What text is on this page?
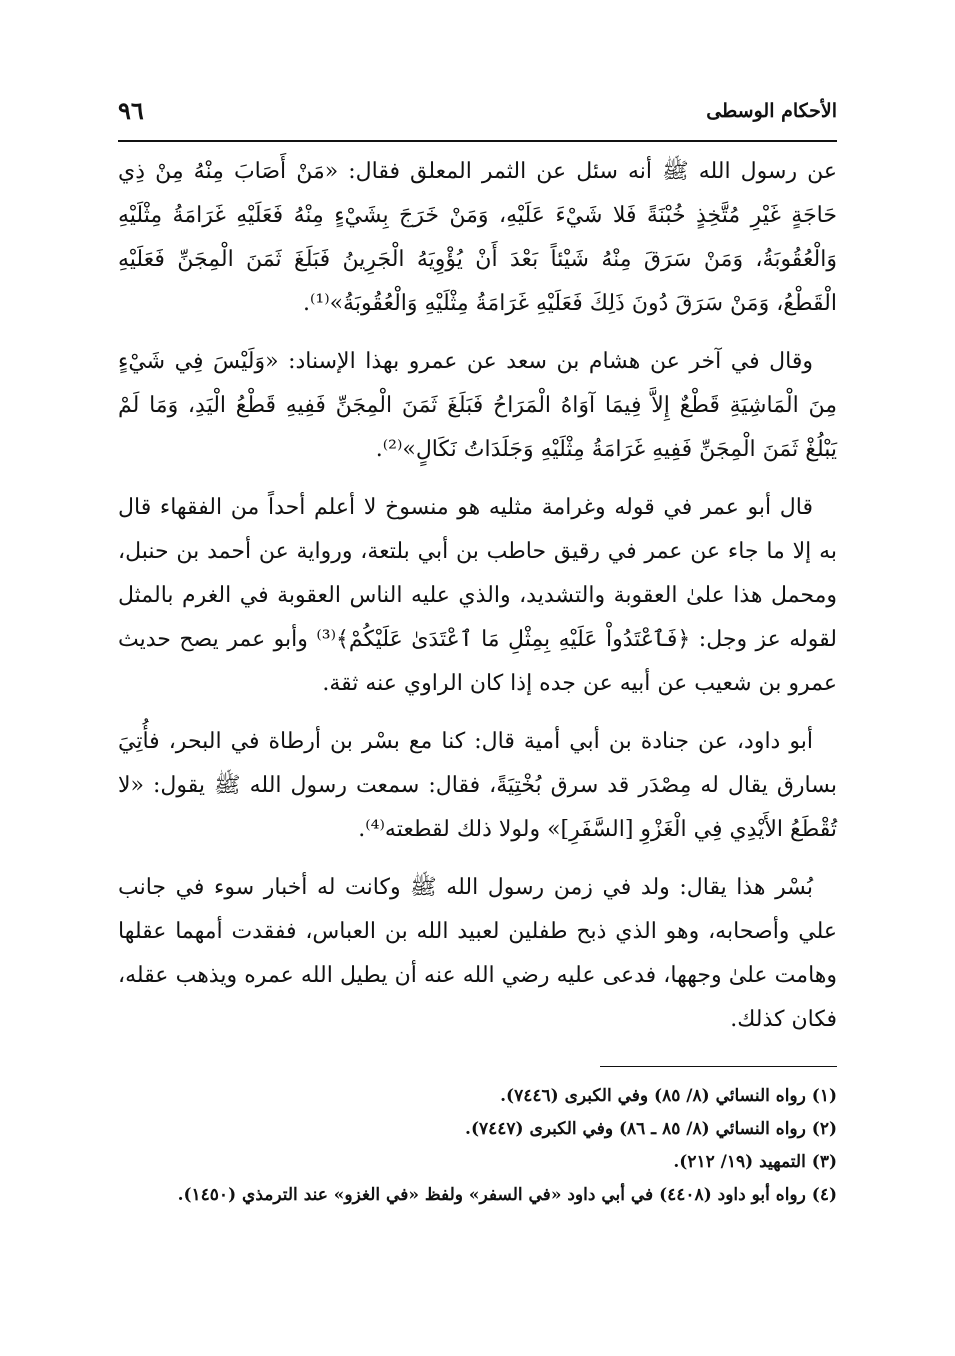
٩٦	الأحكام الوسطى

عن رسول الله ﷺ أنه سئل عن الثمر المعلق فقال: «مَنْ أَصَابَ مِنْهُ مِنْ ذِي حَاجَةٍ غَيْرِ مُتَّخِذٍ خُبْنَةً فَلا شَيْءَ عَلَيْهِ، وَمَنْ خَرَجَ بِشَيْءٍ مِنْهُ فَعَلَيْهِ غَرَامَةُ مِثْلَيْهِ وَالْعُقُوبَةُ، وَمَنْ سَرَقَ مِنْهُ شَيْئاً بَعْدَ أَنْ يُؤْوِيَهُ الْجَرِينُ فَبَلَغَ ثَمَنَ الْمِجَنِّ فَعَلَيْهِ الْقَطْعُ، وَمَنْ سَرَقَ دُونَ ذَلِكَ فَعَلَيْهِ غَرَامَةُ مِثْلَيْهِ وَالْعُقُوبَةُ»⁽¹⁾.

وقال في آخر عن هشام بن سعد عن عمرو بهذا الإسناد: «وَلَيْسَ فِي شَيْءٍ مِنَ الْمَاشِيَةِ قَطْعٌ إِلاَّ فِيمَا آوَاهُ الْمَرَاحُ فَبَلَغَ ثَمَنَ الْمِجَنِّ فَفِيهِ قَطْعُ الْيَدِ، وَمَا لَمْ يَبْلُغْ ثَمَنَ الْمِجَنِّ فَفِيهِ غَرَامَةُ مِثْلَيْهِ وَجَلَدَاتُ نَكَالٍ»⁽²⁾.

قال أبو عمر في قوله وغرامة مثليه هو منسوخ لا أعلم أحداً من الفقهاء قال به إلا ما جاء عن عمر في رقيق حاطب بن أبي بلتعة، ورواية عن أحمد بن حنبل، ومحمل هذا علىٰ العقوبة والتشديد، والذي عليه الناس العقوبة في الغرم بالمثل لقوله عز وجل: ﴿فَٱعْتَدُواْ عَلَيْهِ بِمِثْلِ مَا ٱعْتَدَىٰ عَلَيْكُمْ﴾⁽³⁾ وأبو عمر يصح حديث عمرو بن شعيب عن أبيه عن جده إذا كان الراوي عنه ثقة.

أبو داود، عن جنادة بن أبي أمية قال: كنا مع بسْر بن أرطاة في البحر، فأُتِيَ بسارق يقال له مِصْدَر قد سرق بُخْتِيَةً، فقال: سمعت رسول الله ﷺ يقول: «لا تُقْطَعُ الأَيْدِي فِي الْغَزْوِ [السَّفَرِ]» ولولا ذلك لقطعته⁽⁴⁾.

بُسْر هذا يقال: ولد في زمن رسول الله ﷺ وكانت له أخبار سوء في جانب علي وأصحابه، وهو الذي ذبح طفلين لعبيد الله بن العباس، ففقدت أمهما عقلها وهامت علىٰ وجهها، فدعى عليه رضي الله عنه أن يطيل الله عمره ويذهب عقله، فكان كذلك.

(١) رواه النسائي (٨/ ٨٥) وفي الكبرى (٧٤٤٦).

(٢) رواه النسائي (٨/ ٨٥ ـ ٨٦) وفي الكبرى (٧٤٤٧).

(٣) التمهيد (١٩/ ٢١٢).

(٤) رواه أبو داود (٤٤٠٨) في أبي داود «في السفر» ولفظ «في الغزو» عند الترمذي (١٤٥٠).
